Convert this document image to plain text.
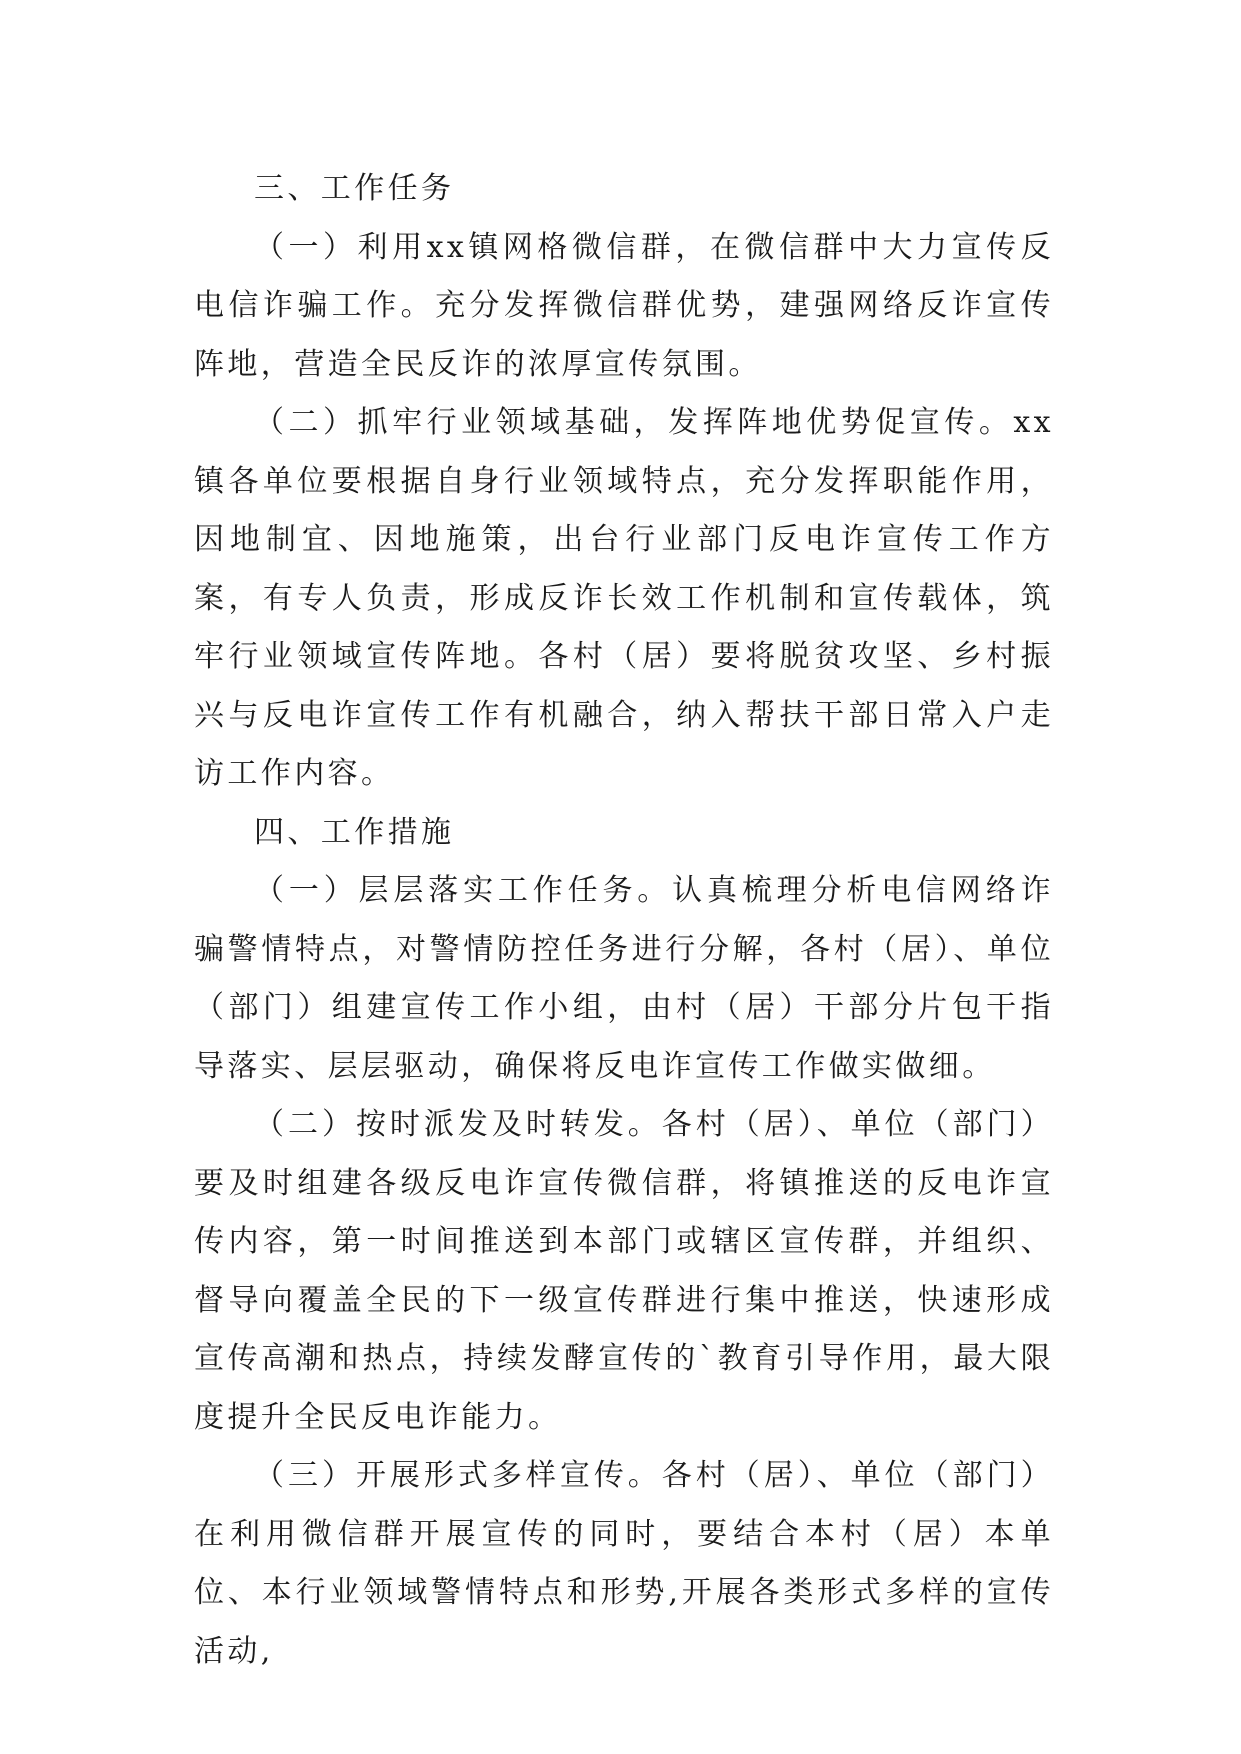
三、工作任务

（一）利用xx镇网格微信群，在微信群中大力宣传反电信诈骗工作。充分发挥微信群优势，建强网络反诈宣传阵地，营造全民反诈的浓厚宣传氛围。

（二）抓牢行业领域基础，发挥阵地优势促宣传。xx镇各单位要根据自身行业领域特点，充分发挥职能作用，因地制宜、因地施策，出台行业部门反电诈宣传工作方案，有专人负责，形成反诈长效工作机制和宣传载体，筑牢行业领域宣传阵地。各村（居）要将脱贫攻坚、乡村振兴与反电诈宣传工作有机融合，纳入帮扶干部日常入户走访工作内容。

四、工作措施

（一）层层落实工作任务。认真梳理分析电信网络诈骗警情特点，对警情防控任务进行分解，各村（居）、单位（部门）组建宣传工作小组，由村（居）干部分片包干指导落实、层层驱动，确保将反电诈宣传工作做实做细。

（二）按时派发及时转发。各村（居）、单位（部门）要及时组建各级反电诈宣传微信群，将镇推送的反电诈宣传内容，第一时间推送到本部门或辖区宣传群，并组织、督导向覆盖全民的下一级宣传群进行集中推送，快速形成宣传高潮和热点，持续发酵宣传的`教育引导作用，最大限度提升全民反电诈能力。

（三）开展形式多样宣传。各村（居）、单位（部门）在利用微信群开展宣传的同时，要结合本村（居）本单位、本行业领域警情特点和形势,开展各类形式多样的宣传活动,
